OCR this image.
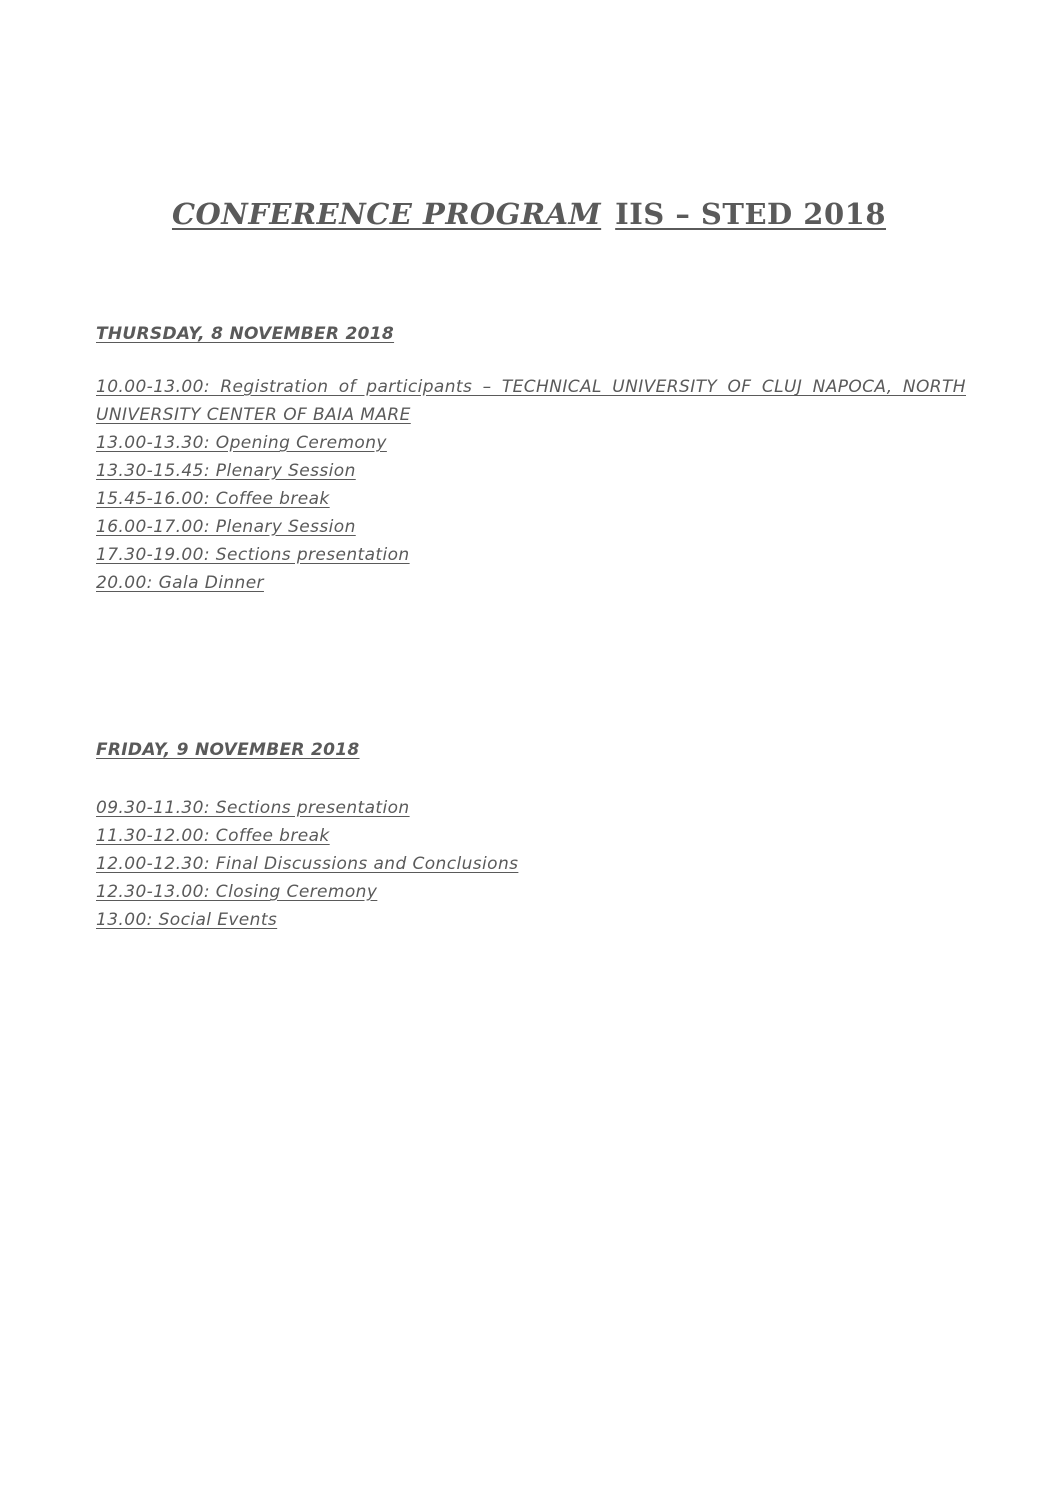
CONFERENCE PROGRAM IIS – STED 2018
THURSDAY, 8 NOVEMBER 2018
10.00-13.00: Registration of participants – TECHNICAL UNIVERSITY OF CLUJ NAPOCA, NORTH UNIVERSITY CENTER OF BAIA MARE
13.00-13.30: Opening Ceremony
13.30-15.45: Plenary Session
15.45-16.00: Coffee break
16.00-17.00: Plenary Session
17.30-19.00: Sections presentation
20.00: Gala Dinner
FRIDAY, 9 NOVEMBER 2018
09.30-11.30: Sections presentation
11.30-12.00: Coffee break
12.00-12.30: Final Discussions and Conclusions
12.30-13.00: Closing Ceremony
13.00: Social Events
